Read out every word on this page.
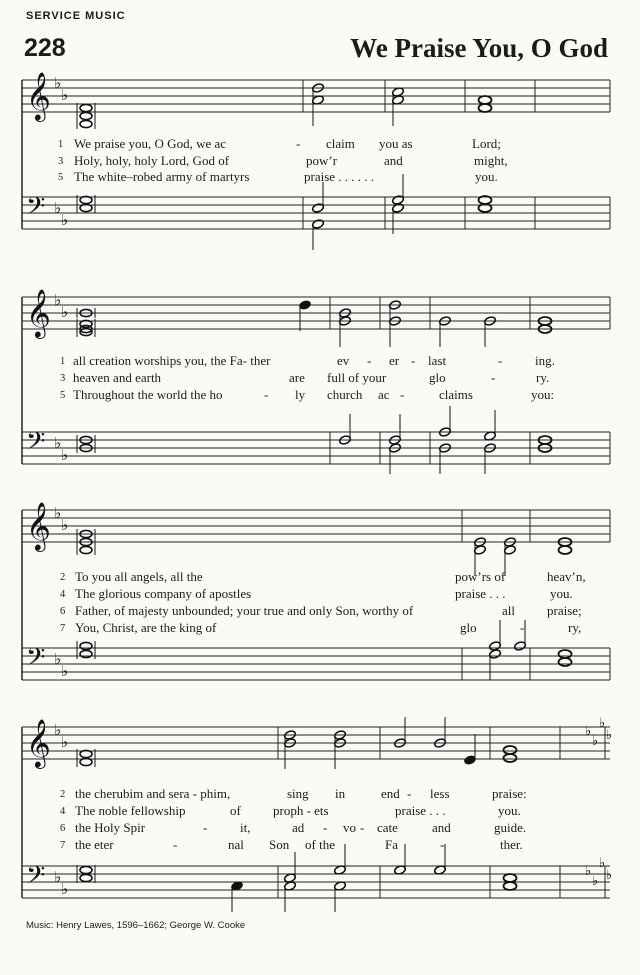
SERVICE MUSIC
228	We Praise You, O God
𝄞 ♭
♭
𝄢 ♭
♭
𝄞 ♭
♭
𝄢 ♭
♭
𝄞 ♭
♭
𝄢 ♭
♭
𝄞 ♭
♭
𝄢 ♭
♭
♭
♭
♭
♭
♭
♭
♭
♭
1 We praise you, O God, we ac	- claim you as	Lord;
3 Holy, holy, holy Lord, God of	pow’r	and	might,
5 The white–robed army of martyrs	praise . . . . . .	you.
1 all creation worships you, the Fa- ther	ev - er - last	-	ing.
3 heaven and earth	are full of your	glo	-	ry.
5 Throughout the world the ho	- ly church ac -	claims	you:
2 To you all angels, all the	pow’rs of	heav’n,
4 The glorious company of apostles	praise . . .	you.
6 Father, of majesty unbounded; your true and only Son, worthy of	all praise;
7 You, Christ, are the king of	glo	-	ry,
2 the cherubim and sera - phim,	sing in	end - less	praise:
4 The noble fellowship	of proph - ets	praise . . .	you.
6 the Holy Spir	-	it,	ad - vo - cate	and	guide.
7 the eter	-	nal Son of the	Fa	-	ther.
Music: Henry Lawes, 1596–1662; George W. Cooke
